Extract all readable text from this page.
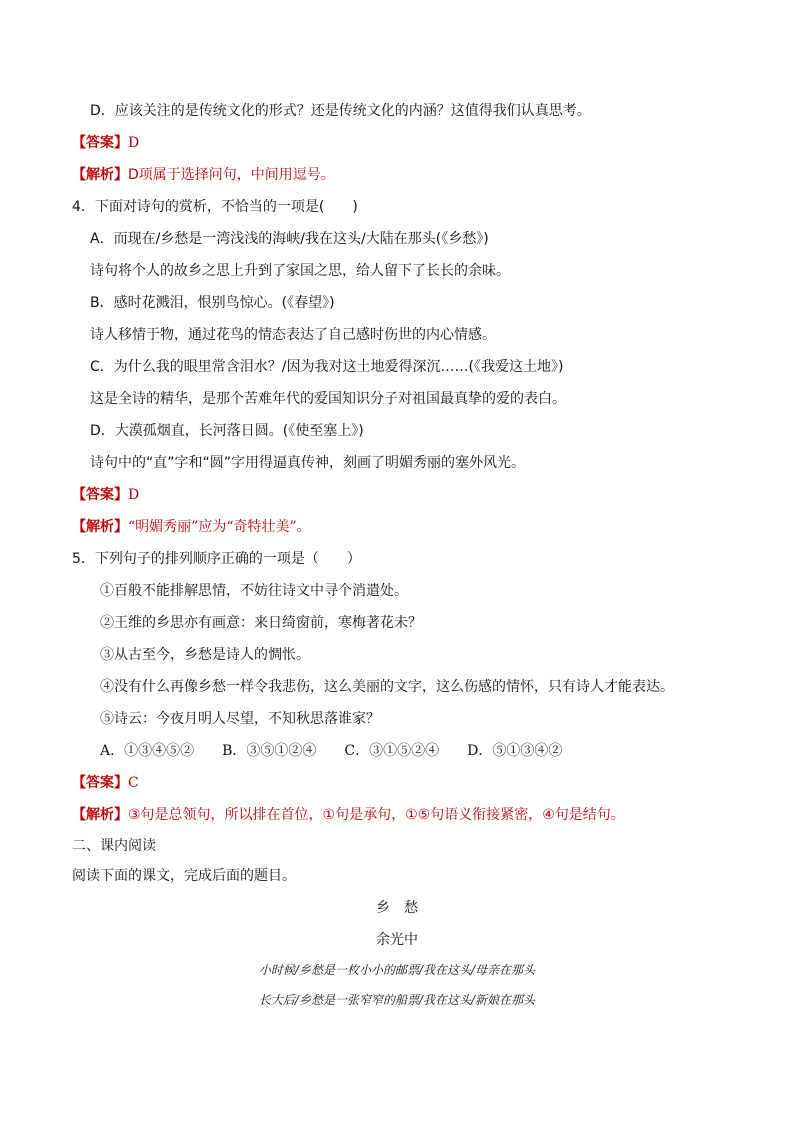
D．应该关注的是传统文化的形式？还是传统文化的内涵？这值得我们认真思考。
【答案】D
【解析】D项属于选择问句，中间用逗号。
4．下面对诗句的赏析，不恰当的一项是(　　)
A．而现在/乡愁是一湾浅浅的海峡/我在这头/大陆在那头(《乡愁》)
诗句将个人的故乡之思上升到了家国之思，给人留下了长长的余味。
B．感时花溅泪，恨别鸟惊心。(《春望》)
诗人移情于物，通过花鸟的情态表达了自己感时伤世的内心情感。
C．为什么我的眼里常含泪水？/因为我对这土地爱得深沉……(《我爱这土地》)
这是全诗的精华，是那个苦难年代的爱国知识分子对祖国最真挚的爱的表白。
D．大漠孤烟直，长河落日圆。(《使至塞上》)
诗句中的“直”字和“圆”字用得逼真传神，刻画了明媚秀丽的塞外风光。
【答案】D
【解析】“明媚秀丽”应为“奇特壮美”。
5．下列句子的排列顺序正确的一项是（　　）
①百般不能排解思情，不妨往诗文中寻个消遣处。
②王维的乡思亦有画意：来日绮窗前，寒梅著花未？
③从古至今，乡愁是诗人的惆怅。
④没有什么再像乡愁一样令我悲伤，这么美丽的文字，这么伤感的情怀，只有诗人才能表达。
⑤诗云：今夜月明人尽望，不知秋思落谁家？
A．①③④⑤②　　B．③⑤①②④　　C．③①⑤②④　　D．⑤①③④②
【答案】C
【解析】③句是总领句，所以排在首位，①句是承句，①⑤句语义衔接紧密，④句是结句。
二、课内阅读
阅读下面的课文，完成后面的题目。
乡　愁
余光中
小时候/乡愁是一枚小小的邮票/我在这头/母亲在那头
长大后/乡愁是一张窄窄的船票/我在这头/新娘在那头
